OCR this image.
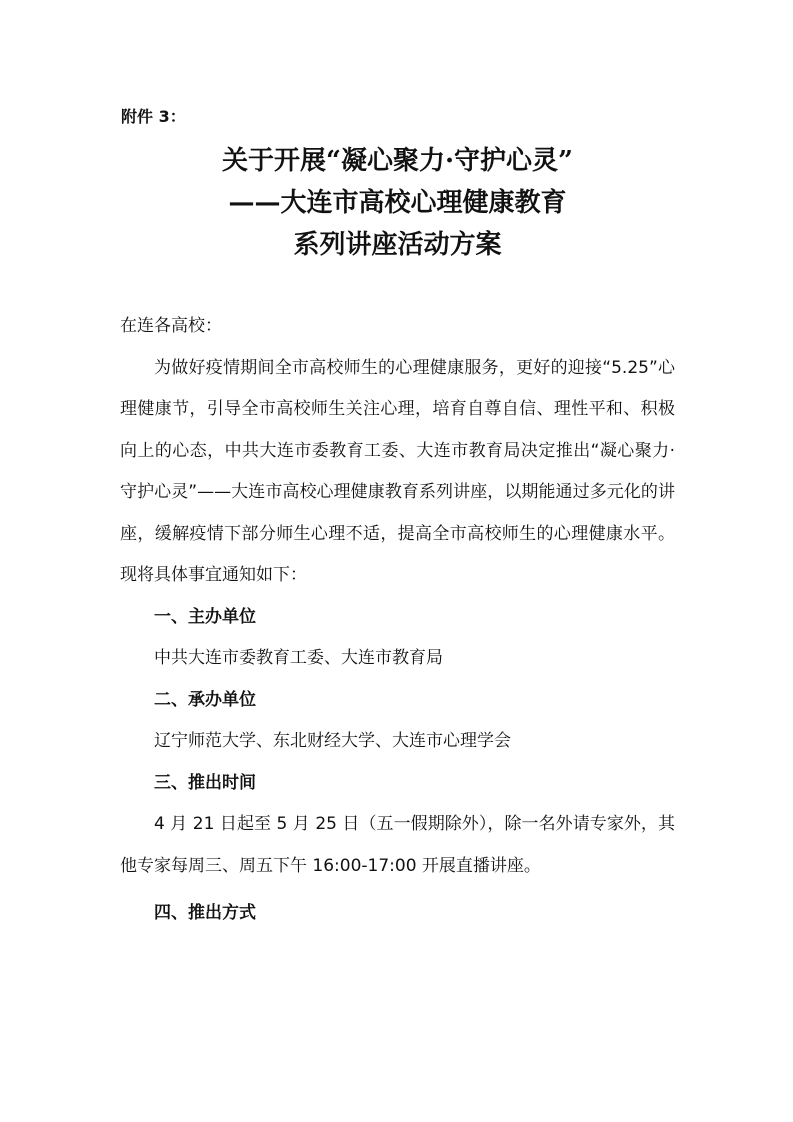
附件 3：

关于开展“凝心聚力·守护心灵”
——大连市高校心理健康教育
系列讲座活动方案

在连各高校：

为做好疫情期间全市高校师生的心理健康服务，更好的迎接“5.25”心理健康节，引导全市高校师生关注心理，培育自尊自信、理性平和、积极向上的心态，中共大连市委教育工委、大连市教育局决定推出“凝心聚力·守护心灵”——大连市高校心理健康教育系列讲座，以期能通过多元化的讲座，缓解疫情下部分师生心理不适，提高全市高校师生的心理健康水平。现将具体事宜通知如下：

一、主办单位

中共大连市委教育工委、大连市教育局

二、承办单位

辽宁师范大学、东北财经大学、大连市心理学会

三、推出时间

4 月 21 日起至 5 月 25 日（五一假期除外），除一名外请专家外，其他专家每周三、周五下午 16:00-17:00 开展直播讲座。

四、推出方式
